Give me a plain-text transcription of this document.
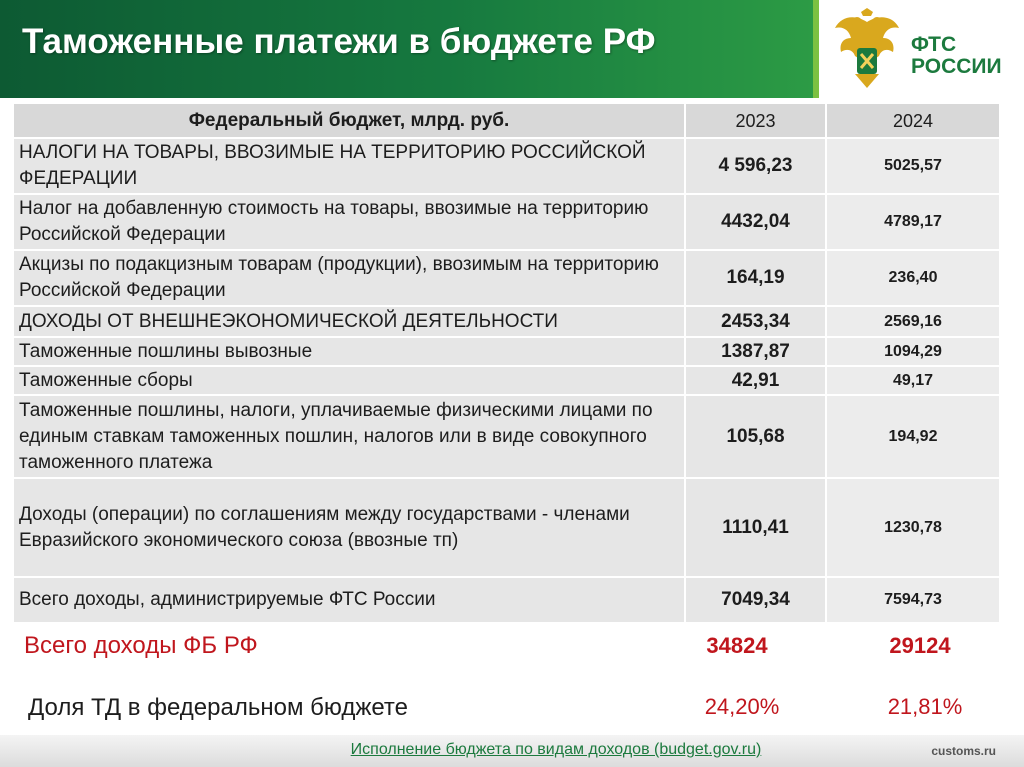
Таможенные платежи в бюджете РФ	ФТС
РОССИИ
Федеральный бюджет, млрд. руб.	2023	2024
НАЛОГИ НА ТОВАРЫ, ВВОЗИМЫЕ НА ТЕРРИТОРИЮ РОССИЙСКОЙ ФЕДЕРАЦИИ	4 596,23	5025,57
Налог на добавленную стоимость на товары, ввозимые на территорию Российской Федерации	4432,04	4789,17
Акцизы по подакцизным товарам (продукции), ввозимым на территорию Российской Федерации	164,19	236,40
ДОХОДЫ ОТ ВНЕШНЕЭКОНОМИЧЕСКОЙ ДЕЯТЕЛЬНОСТИ	2453,34	2569,16
Таможенные пошлины вывозные	1387,87	1094,29
Таможенные сборы	42,91	49,17
Таможенные пошлины, налоги, уплачиваемые физическими лицами по единым ставкам таможенных пошлин, налогов или в виде совокупного таможенного платежа	105,68	194,92
Доходы (операции) по соглашениям между государствами - членами Евразийского экономического союза (ввозные тп)	1110,41	1230,78
Всего доходы, администрируемые ФТС России	7049,34	7594,73
Всего доходы ФБ РФ	34824	29124
Доля ТД в федеральном бюджете	24,20%	21,81%
Исполнение бюджета по видам доходов (budget.gov.ru)	customs.ru
